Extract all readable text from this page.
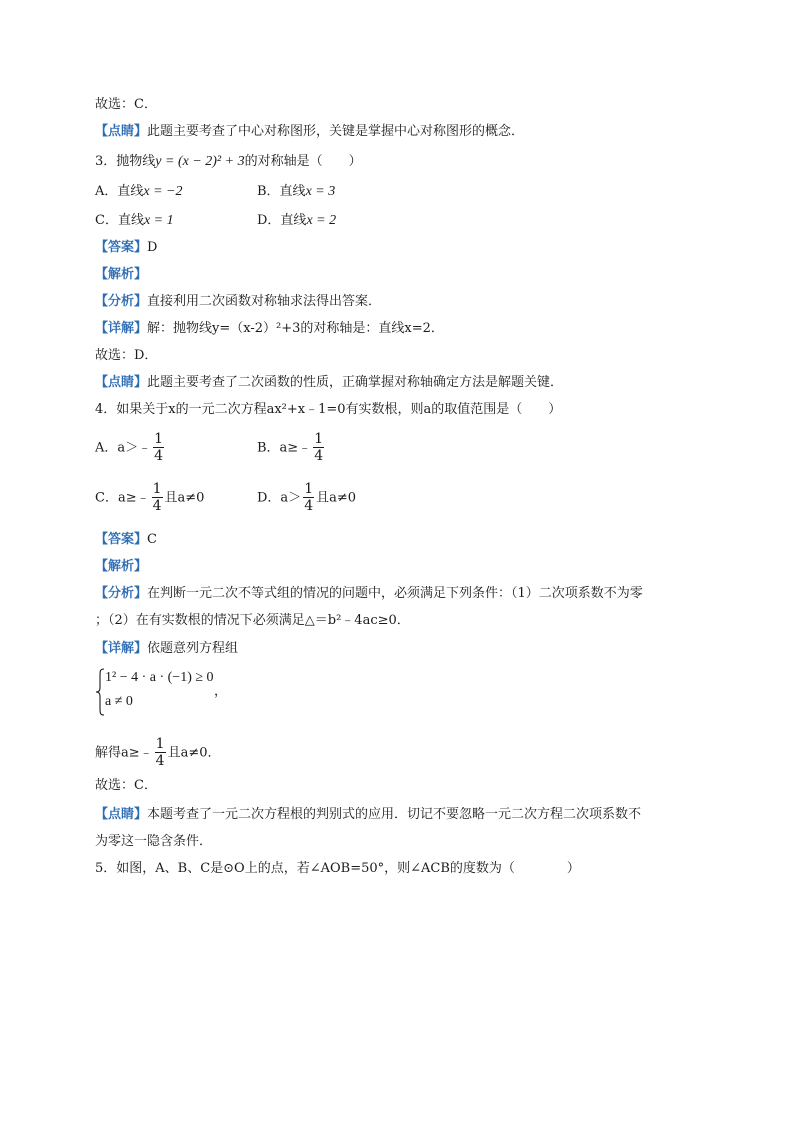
故选：C．
【点睛】此题主要考查了中心对称图形，关键是掌握中心对称图形的概念．
3．抛物线y = (x − 2)² + 3的对称轴是（　　）
A．直线x = −2	B．直线x = 3
C．直线x = 1	D．直线x = 2
【答案】D
【解析】
【分析】直接利用二次函数对称轴求法得出答案．
【详解】解：抛物线y=（x-2）²+3的对称轴是：直线x=2．
故选：D．
【点睛】此题主要考查了二次函数的性质，正确掌握对称轴确定方法是解题关键．
4．如果关于x的一元二次方程ax²+x﹣1=0有实数根，则a的取值范围是（　　）
A．a＞﹣ $\frac{1}{4}$	B．a≥﹣ $\frac{1}{4}$
C．a≥﹣ $\frac{1}{4}$ 且a≠0	D．$a> \frac{1}{4}$ 且a≠0
【答案】C
【解析】
【分析】在判断一元二次不等式组的情况的问题中，必须满足下列条件：（1）二次项系数不为零
；（2）在有实数根的情况下必须满足△＝b²﹣4ac≥0．
【详解】依题意列方程组
1² − 4 · a · (−1) ≥ 0
a ≠ 0
，
解得a≥﹣ $\frac{1}{4}$ 且a≠0．
故选：C．
【点睛】本题考查了一元二次方程根的判别式的应用．切记不要忽略一元二次方程二次项系数不
为零这一隐含条件．
5．如图，A、B、C是⊙O上的点，若∠AOB=50°，则∠ACB的度数为（　　　　）
